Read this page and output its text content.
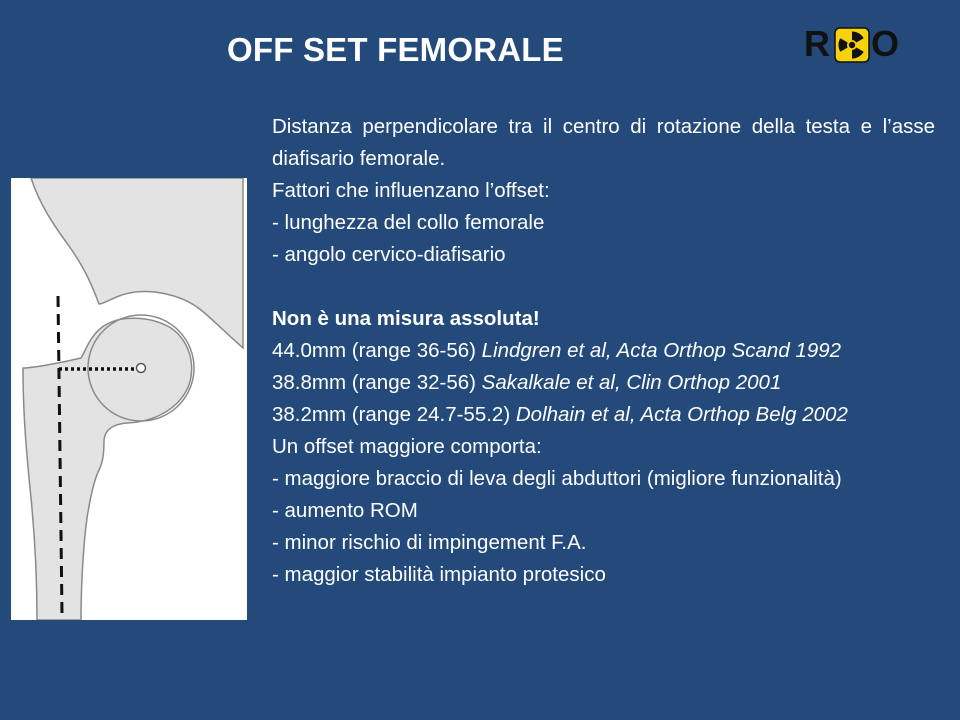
OFF SET FEMORALE	R O

Distanza perpendicolare tra il centro di rotazione della testa e l’asse diafisario femorale.

Fattori che influenzano l’offset:

- lunghezza del collo femorale

- angolo cervico-diafisario

Non è una misura assoluta!

44.0mm (range 36-56) Lindgren et al, Acta Orthop Scand 1992

38.8mm (range 32-56) Sakalkale et al, Clin Orthop 2001

38.2mm (range 24.7-55.2) Dolhain et al, Acta Orthop Belg 2002

Un offset maggiore comporta:

- maggiore braccio di leva degli abduttori (migliore funzionalità)

- aumento ROM

- minor rischio di impingement F.A.

- maggior stabilità impianto protesico
